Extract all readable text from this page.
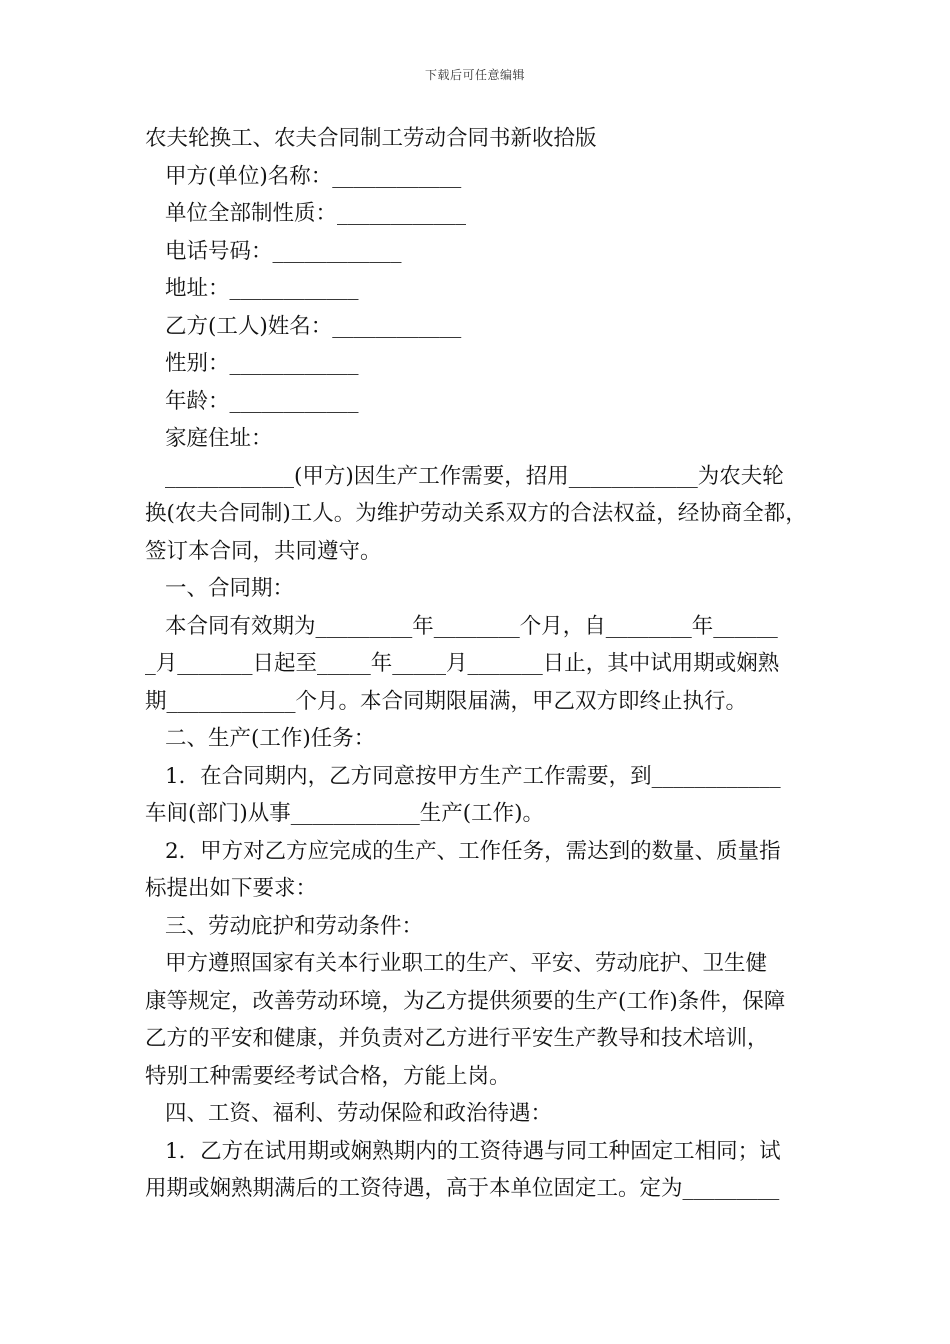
下载后可任意编辑
农夫轮换工、农夫合同制工劳动合同书新收拾版
甲方(单位)名称：____________
单位全部制性质：____________
电话号码：____________
地址：____________
乙方(工人)姓名：____________
性别：____________
年龄：____________
家庭住址：
____________(甲方)因生产工作需要，招用____________为农夫轮
换(农夫合同制)工人。为维护劳动关系双方的合法权益，经协商全都，
签订本合同，共同遵守。
一、合同期：
本合同有效期为_________年________个月，自________年______
_月_______日起至_____年_____月_______日止，其中试用期或娴熟
期____________个月。本合同期限届满，甲乙双方即终止执行。
二、生产(工作)任务：
1．在合同期内，乙方同意按甲方生产工作需要，到____________
车间(部门)从事____________生产(工作)。
2．甲方对乙方应完成的生产、工作任务，需达到的数量、质量指
标提出如下要求：
三、劳动庇护和劳动条件：
甲方遵照国家有关本行业职工的生产、平安、劳动庇护、卫生健
康等规定，改善劳动环境，为乙方提供须要的生产(工作)条件，保障
乙方的平安和健康，并负责对乙方进行平安生产教导和技术培训，
特别工种需要经考试合格，方能上岗。
四、工资、福利、劳动保险和政治待遇：
1．乙方在试用期或娴熟期内的工资待遇与同工种固定工相同；试
用期或娴熟期满后的工资待遇，高于本单位固定工。定为_________
